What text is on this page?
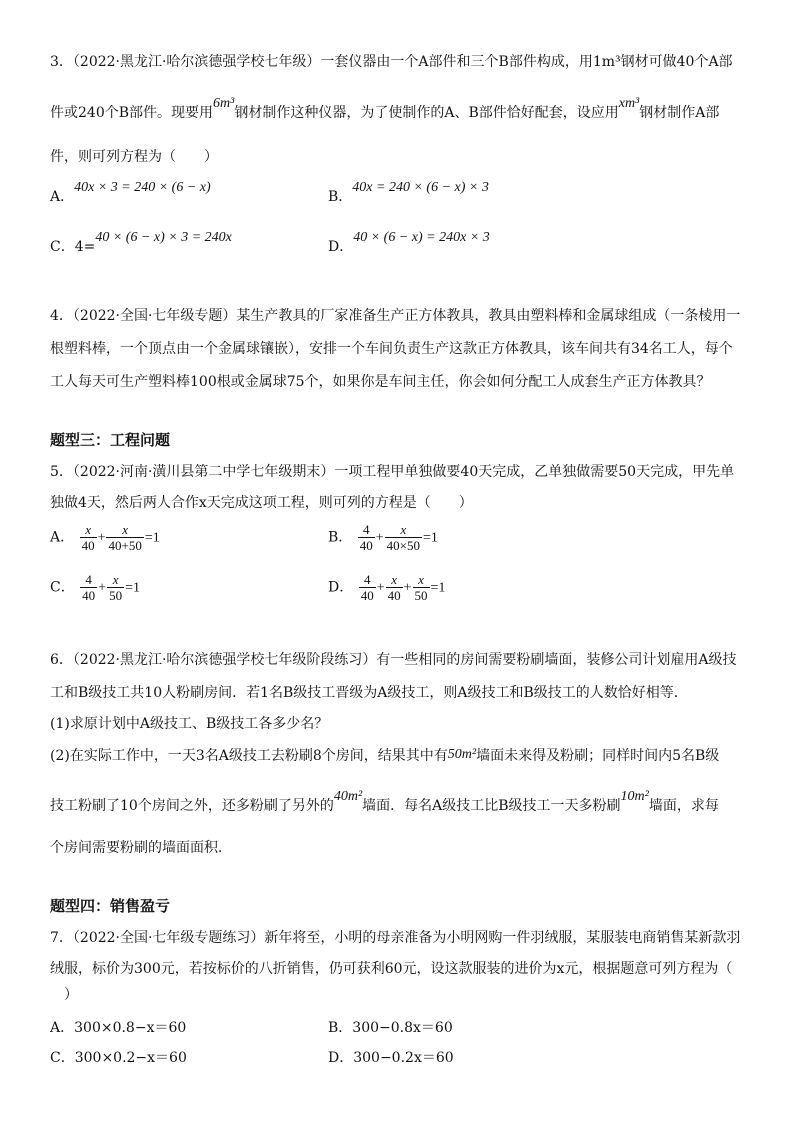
3．（2022·黑龙江·哈尔滨德强学校七年级）一套仪器由一个A部件和三个B部件构成，用1m³钢材可做40个A部
件或240个B部件。现要用6m³钢材制作这种仪器，为了使制作的A、B部件恰好配套，设应用xm³钢材制作A部
件，则可列方程为（　　）
A．40x × 3 = 240 × (6 − x)
B．40x = 240 × (6 − x) × 3
C．4=40 × (6 − x) × 3 = 240x
D．40 × (6 − x) = 240x × 3
4．（2022·全国·七年级专题）某生产教具的厂家准备生产正方体教具，教具由塑料棒和金属球组成（一条棱用一
根塑料棒，一个顶点由一个金属球镶嵌），安排一个车间负责生产这款正方体教具，该车间共有34名工人，每个
工人每天可生产塑料棒100根或金属球75个，如果你是车间主任，你会如何分配工人成套生产正方体教具？
题型三：工程问题
5．（2022·河南·潢川县第二中学七年级期末）一项工程甲单独做要40天完成，乙单独做需要50天完成，甲先单
独做4天，然后两人合作x天完成这项工程，则可列的方程是（　　）
A． $\frac{x}{40} + \frac{x}{40+50} =1$	B． $\frac{4}{40} + \frac{x}{40\times 50} =1$
C． $\frac{4}{40} + \frac{x}{50} =1$	D． $\frac{4}{40} + \frac{x}{40} + \frac{x}{50} =1$
6．（2022·黑龙江·哈尔滨德强学校七年级阶段练习）有一些相同的房间需要粉刷墙面，装修公司计划雇用A级技
工和B级技工共10人粉刷房间．若1名B级技工晋级为A级技工，则A级技工和B级技工的人数恰好相等．
(1)求原计划中A级技工、B级技工各多少名？
(2)在实际工作中，一天3名A级技工去粉刷8个房间，结果其中有50m²墙面未来得及粉刷；同样时间内5名B级
技工粉刷了10个房间之外，还多粉刷了另外的40m²墙面．每名A级技工比B级技工一天多粉刷10m²墙面，求每
个房间需要粉刷的墙面面积．
题型四：销售盈亏
7．（2022·全国·七年级专题练习）新年将至，小明的母亲准备为小明网购一件羽绒服，某服装电商销售某新款羽
绒服，标价为300元，若按标价的八折销售，仍可获利60元，设这款服装的进价为x元，根据题意可列方程为（
　）
A．300×0.8−x＝60	B．300−0.8x＝60
C．300×0.2−x＝60	D．300−0.2x＝60
